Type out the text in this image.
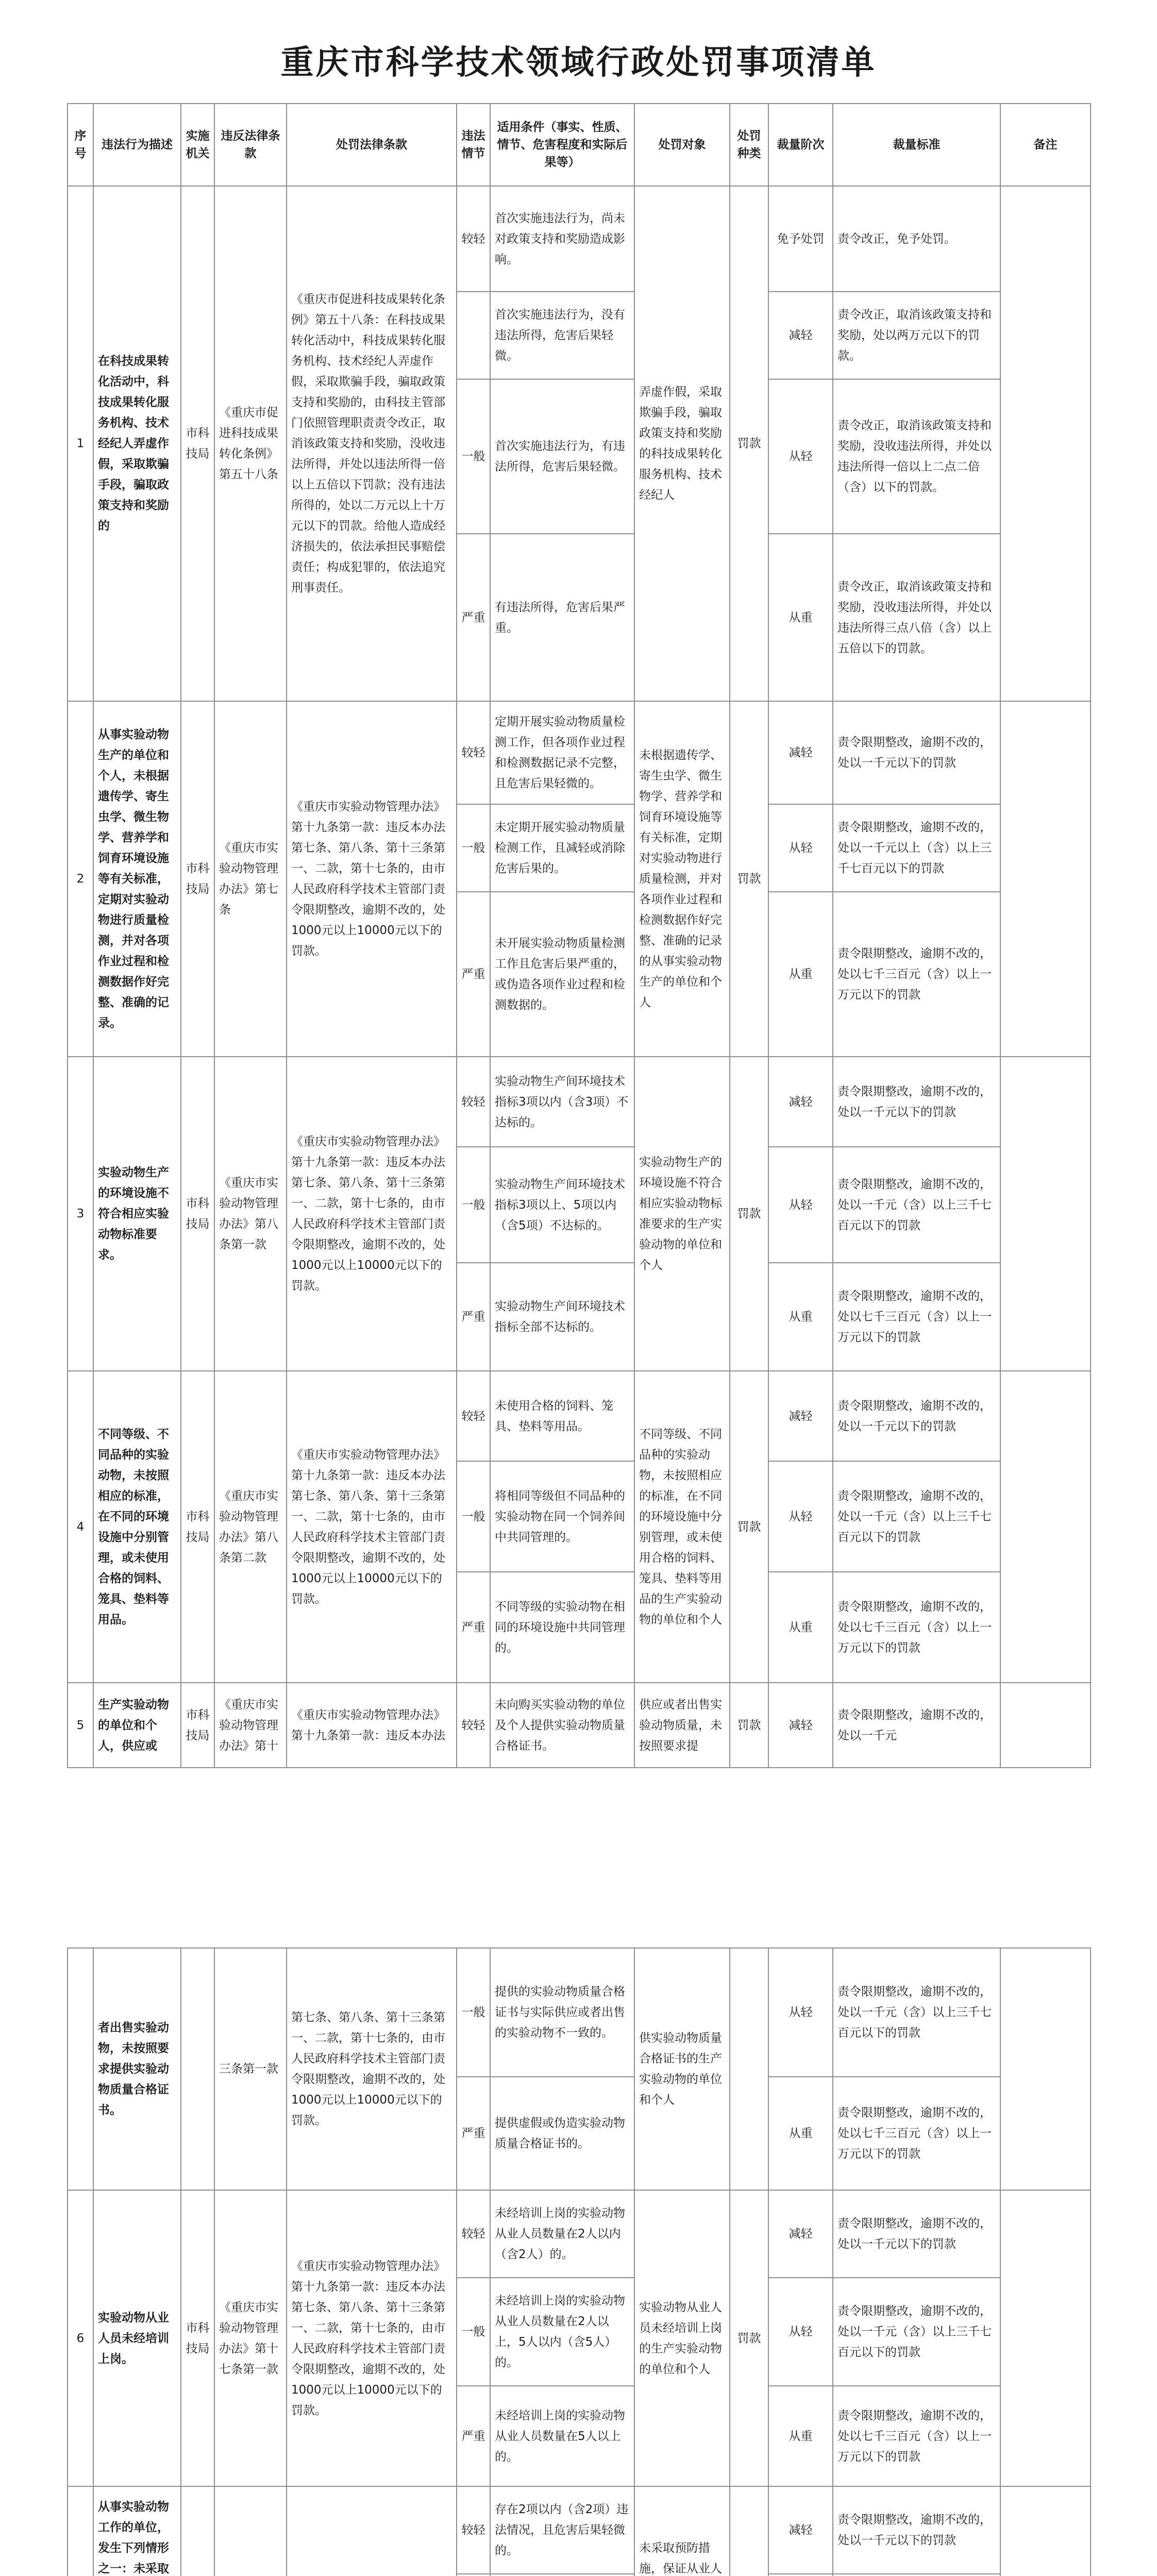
重庆市科学技术领域行政处罚事项清单
序号	违法行为描述	实施机关	违反法律条款	处罚法律条款	违法情节	适用条件（事实、性质、情节、危害程度和实际后果等）	处罚对象	处罚种类	裁量阶次	裁量标准	备注
1	在科技成果转化活动中，科技成果转化服务机构、技术经纪人弄虚作假，采取欺骗手段，骗取政策支持和奖励的	市科技局	《重庆市促进科技成果转化条例》第五十八条	《重庆市促进科技成果转化条例》第五十八条：在科技成果转化活动中，科技成果转化服务机构、技术经纪人弄虚作假，采取欺骗手段，骗取政策支持和奖励的，由科技主管部门依照管理职责责令改正，取消该政策支持和奖励，没收违法所得，并处以违法所得一倍以上五倍以下罚款；没有违法所得的，处以二万元以上十万元以下的罚款。给他人造成经济损失的，依法承担民事赔偿责任；构成犯罪的，依法追究刑事责任。	较轻	首次实施违法行为，尚未对政策支持和奖励造成影响。	弄虚作假，采取欺骗手段，骗取政策支持和奖励的科技成果转化服务机构、技术经纪人	罚款	免予处罚	责令改正，免予处罚。	
						首次实施违法行为，没有违法所得，危害后果轻微。			减轻	责令改正，取消该政策支持和奖励，处以两万元以下的罚款。	
					一般	首次实施违法行为，有违法所得，危害后果轻微。			从轻	责令改正，取消该政策支持和奖励，没收违法所得，并处以违法所得一倍以上二点二倍（含）以下的罚款。	
					严重	有违法所得，危害后果严重。			从重	责令改正，取消该政策支持和奖励，没收违法所得，并处以违法所得三点八倍（含）以上五倍以下的罚款。	

2	从事实验动物生产的单位和个人，未根据遗传学、寄生虫学、微生物学、营养学和饲育环境设施等有关标准，定期对实验动物进行质量检测，并对各项作业过程和检测数据作好完整、准确的记录。	市科技局	《重庆市实验动物管理办法》第七条	《重庆市实验动物管理办法》第十九条第一款：违反本办法第七条、第八条、第十三条第一、二款，第十七条的，由市人民政府科学技术主管部门责令限期整改，逾期不改的，处1000元以上10000元以下的罚款。	较轻	定期开展实验动物质量检测工作，但各项作业过程和检测数据记录不完整，且危害后果轻微的。	未根据遗传学、寄生虫学、微生物学、营养学和饲育环境设施等有关标准，定期对实验动物进行质量检测，并对各项作业过程和检测数据作好完整、准确的记录的从事实验动物生产的单位和个人	罚款	减轻	责令限期整改，逾期不改的，处以一千元以下的罚款	
					一般	未定期开展实验动物质量检测工作，且减轻或消除危害后果的。			从轻	责令限期整改，逾期不改的，处以一千元以上（含）以上三千七百元以下的罚款	
					严重	未开展实验动物质量检测工作且危害后果严重的，或伪造各项作业过程和检测数据的。			从重	责令限期整改，逾期不改的，处以七千三百元（含）以上一万元以下的罚款	
3	实验动物生产的环境设施不符合相应实验动物标准要求。	市科技局	《重庆市实验动物管理办法》第八条第一款	《重庆市实验动物管理办法》第十九条第一款：违反本办法第七条、第八条、第十三条第一、二款，第十七条的，由市人民政府科学技术主管部门责令限期整改，逾期不改的，处1000元以上10000元以下的罚款。	较轻	实验动物生产间环境技术指标3项以内（含3项）不达标的。	实验动物生产的环境设施不符合相应实验动物标准要求的生产实验动物的单位和个人	罚款	减轻	责令限期整改，逾期不改的，处以一千元以下的罚款	
					一般	实验动物生产间环境技术指标3项以上、5项以内（含5项）不达标的。			从轻	责令限期整改，逾期不改的，处以一千元（含）以上三千七百元以下的罚款	
					严重	实验动物生产间环境技术指标全部不达标的。			从重	责令限期整改，逾期不改的，处以七千三百元（含）以上一万元以下的罚款	
4	不同等级、不同品种的实验动物，未按照相应的标准，在不同的环境设施中分别管理，或未使用合格的饲料、笼具、垫料等用品。	市科技局	《重庆市实验动物管理办法》第八条第二款	《重庆市实验动物管理办法》第十九条第一款：违反本办法第七条、第八条、第十三条第一、二款，第十七条的，由市人民政府科学技术主管部门责令限期整改，逾期不改的，处1000元以上10000元以下的罚款。	较轻	未使用合格的饲料、笼具、垫料等用品。	不同等级、不同品种的实验动物，未按照相应的标准，在不同的环境设施中分别管理，或未使用合格的饲料、笼具、垫料等用品的生产实验动物的单位和个人	罚款	减轻	责令限期整改，逾期不改的，处以一千元以下的罚款	
					一般	将相同等级但不同品种的实验动物在同一个饲养间中共同管理的。			从轻	责令限期整改，逾期不改的，处以一千元（含）以上三千七百元以下的罚款	
					严重	不同等级的实验动物在相同的环境设施中共同管理的。			从重	责令限期整改，逾期不改的，处以七千三百元（含）以上一万元以下的罚款	
5	生产实验动物的单位和个人，供应或	市科技局	《重庆市实验动物管理办法》第十	《重庆市实验动物管理办法》第十九条第一款：违反本办法	较轻	未向购买实验动物的单位及个人提供实验动物质量合格证书。	供应或者出售实验动物质量，未按照要求提	罚款	减轻	责令限期整改，逾期不改的，处以一千元	
	者出售实验动物，未按照要求提供实验动物质量合格证书。		三条第一款	第七条、第八条、第十三条第一、二款，第十七条的，由市人民政府科学技术主管部门责令限期整改，逾期不改的，处1000元以上10000元以下的罚款。	一般	提供的实验动物质量合格证书与实际供应或者出售的实验动物不一致的。	供实验动物质量合格证书的生产实验动物的单位和个人		从轻	责令限期整改，逾期不改的，处以一千元（含）以上三千七百元以下的罚款	
					严重	提供虚假或伪造实验动物质量合格证书的。			从重	责令限期整改，逾期不改的，处以七千三百元（含）以上一万元以下的罚款	
6	实验动物从业人员未经培训上岗。	市科技局	《重庆市实验动物管理办法》第十七条第一款	《重庆市实验动物管理办法》第十九条第一款：违反本办法第七条、第八条、第十三条第一、二款，第十七条的，由市人民政府科学技术主管部门责令限期整改，逾期不改的，处1000元以上10000元以下的罚款。	较轻	未经培训上岗的实验动物从业人员数量在2人以内（含2人）的。	实验动物从业人员未经培训上岗的生产实验动物的单位和个人	罚款	减轻	责令限期整改，逾期不改的，处以一千元以下的罚款	
					一般	未经培训上岗的实验动物从业人员数量在2人以上，5人以内（含5人）的。			从轻	责令限期整改，逾期不改的，处以一千元（含）以上三千七百元以下的罚款	
					严重	未经培训上岗的实验动物从业人员数量在5人以上的。			从重	责令限期整改，逾期不改的，处以七千三百元（含）以上一万元以下的罚款	
	从事实验动物工作的单位，发生下列情形之一：未采取				较轻	存在2项以内（含2项）违法情况，且危害后果轻微的。	未采取预防措施，保证从业人		减轻	责令限期整改，逾期不改的，处以一千元以下的罚款	
